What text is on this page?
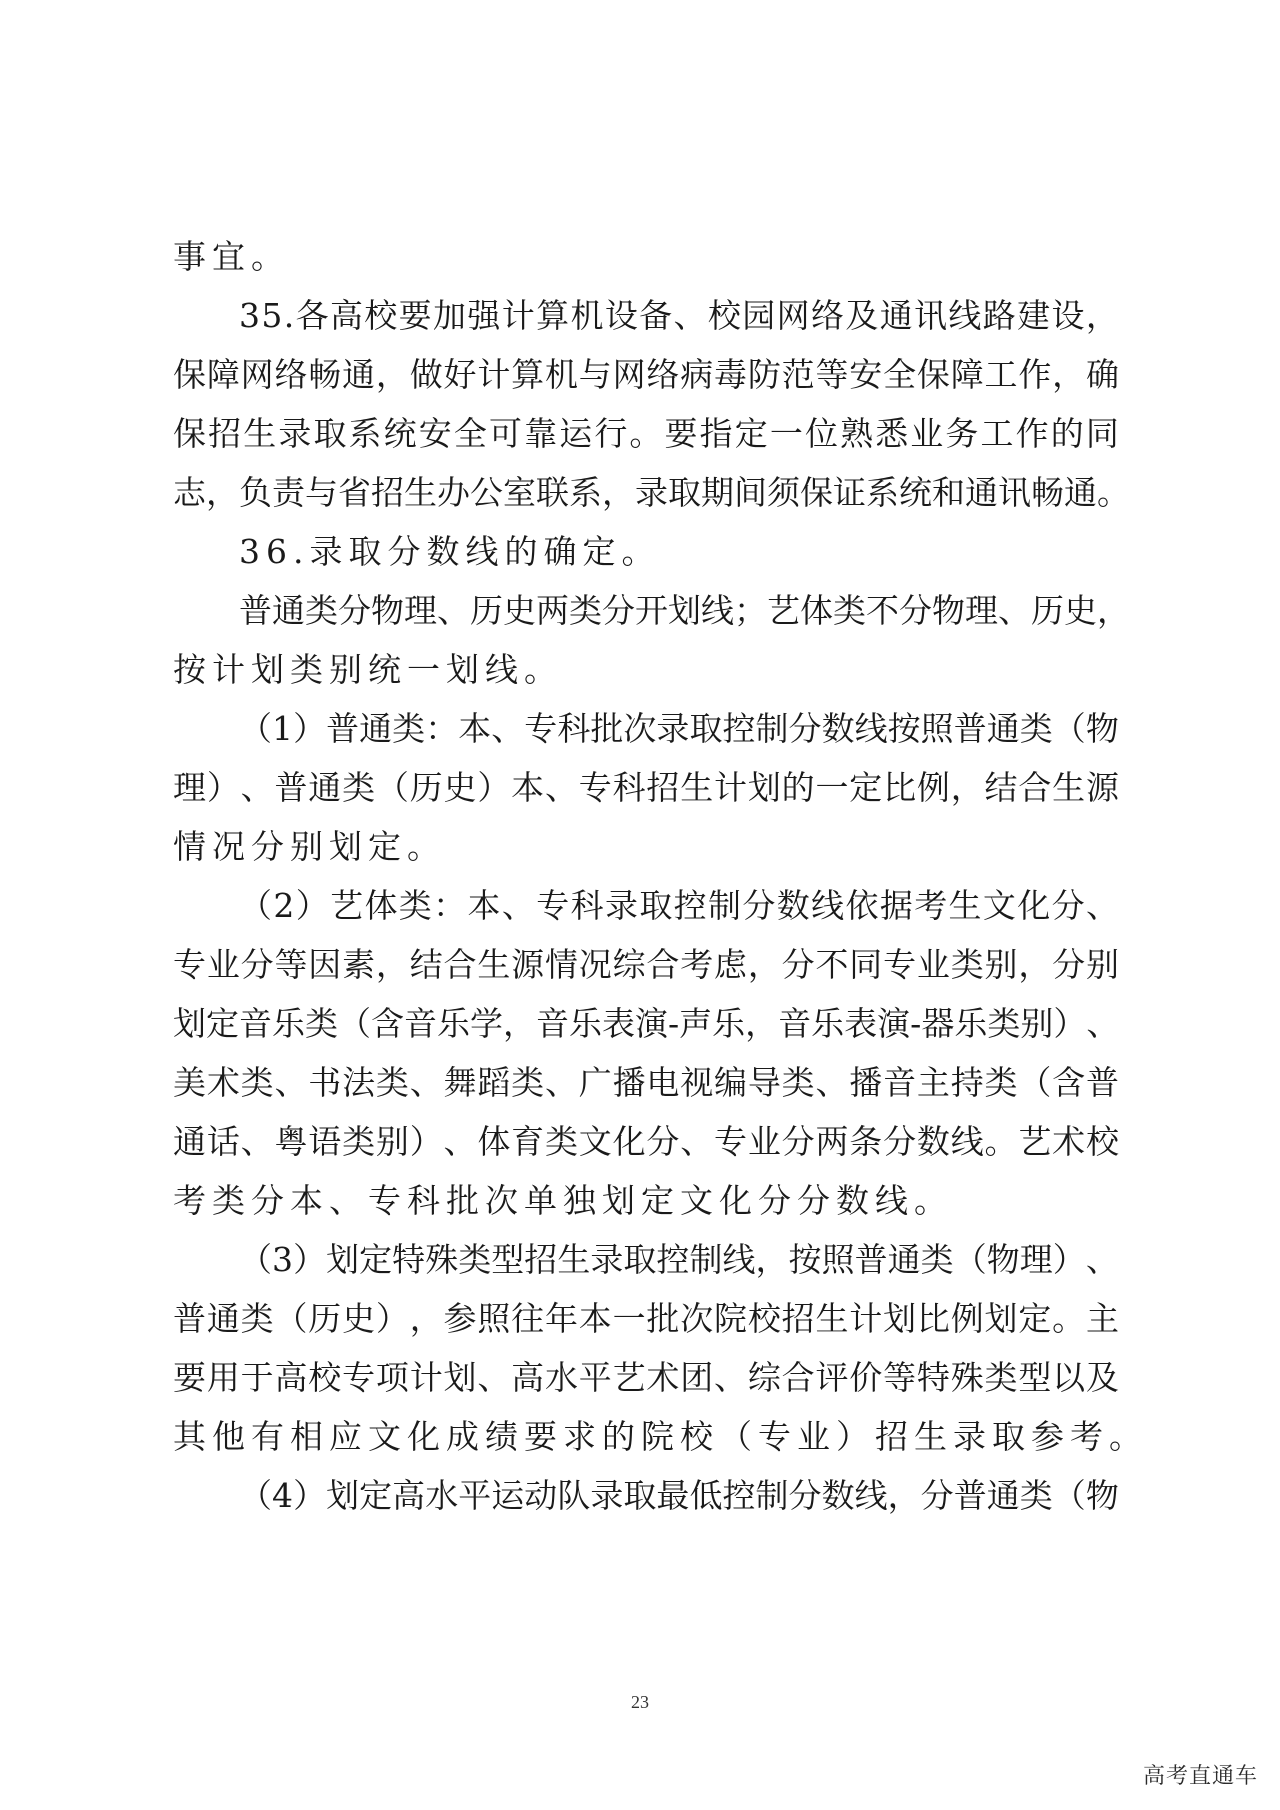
事宜。
3 5 . 各 高 校 要 加 强 计 算 机 设 备 、 校 园 网 络 及 通 讯 线 路 建 设 ，
保 障 网 络 畅 通 ， 做 好 计 算 机 与 网 络 病 毒 防 范 等 安 全 保 障 工 作 ， 确
保 招 生 录 取 系 统 安 全 可 靠 运 行 。 要 指 定 一 位 熟 悉 业 务 工 作 的 同
志 ， 负 责 与 省 招 生 办 公 室 联 系 ， 录 取 期 间 须 保 证 系 统 和 通 讯 畅 通 。
36.录取分数线的确定。
普 通 类 分 物 理 、 历 史 两 类 分 开 划 线 ； 艺 体 类 不 分 物 理 、 历 史 ，
按计划类别统一划线。
（ 1 ） 普 通 类 ： 本 、 专 科 批 次 录 取 控 制 分 数 线 按 照 普 通 类 （ 物
理 ） 、 普 通 类 （ 历 史 ） 本 、 专 科 招 生 计 划 的 一 定 比 例 ， 结 合 生 源
情况分别划定。
（ 2 ） 艺 体 类 ： 本 、 专 科 录 取 控 制 分 数 线 依 据 考 生 文 化 分 、
专 业 分 等 因 素 ， 结 合 生 源 情 况 综 合 考 虑 ， 分 不 同 专 业 类 别 ， 分 别
划 定 音 乐 类 （ 含 音 乐 学 ， 音 乐 表 演 - 声 乐 ， 音 乐 表 演 - 器 乐 类 别 ） 、
美 术 类 、 书 法 类 、 舞 蹈 类 、 广 播 电 视 编 导 类 、 播 音 主 持 类 （ 含 普
通 话 、 粤 语 类 别 ） 、 体 育 类 文 化 分 、 专 业 分 两 条 分 数 线 。 艺 术 校
考类分本、专科批次单独划定文化分分数线。
（ 3 ） 划 定 特 殊 类 型 招 生 录 取 控 制 线 ， 按 照 普 通 类 （ 物 理 ） 、
普 通 类 （ 历 史 ） ， 参 照 往 年 本 一 批 次 院 校 招 生 计 划 比 例 划 定 。 主
要 用 于 高 校 专 项 计 划 、 高 水 平 艺 术 团 、 综 合 评 价 等 特 殊 类 型 以 及
其他有相应文化成绩要求的院校（专业）招生录取参考。
（ 4 ） 划 定 高 水 平 运 动 队 录 取 最 低 控 制 分 数 线 ， 分 普 通 类 （ 物
23
高考直通车
